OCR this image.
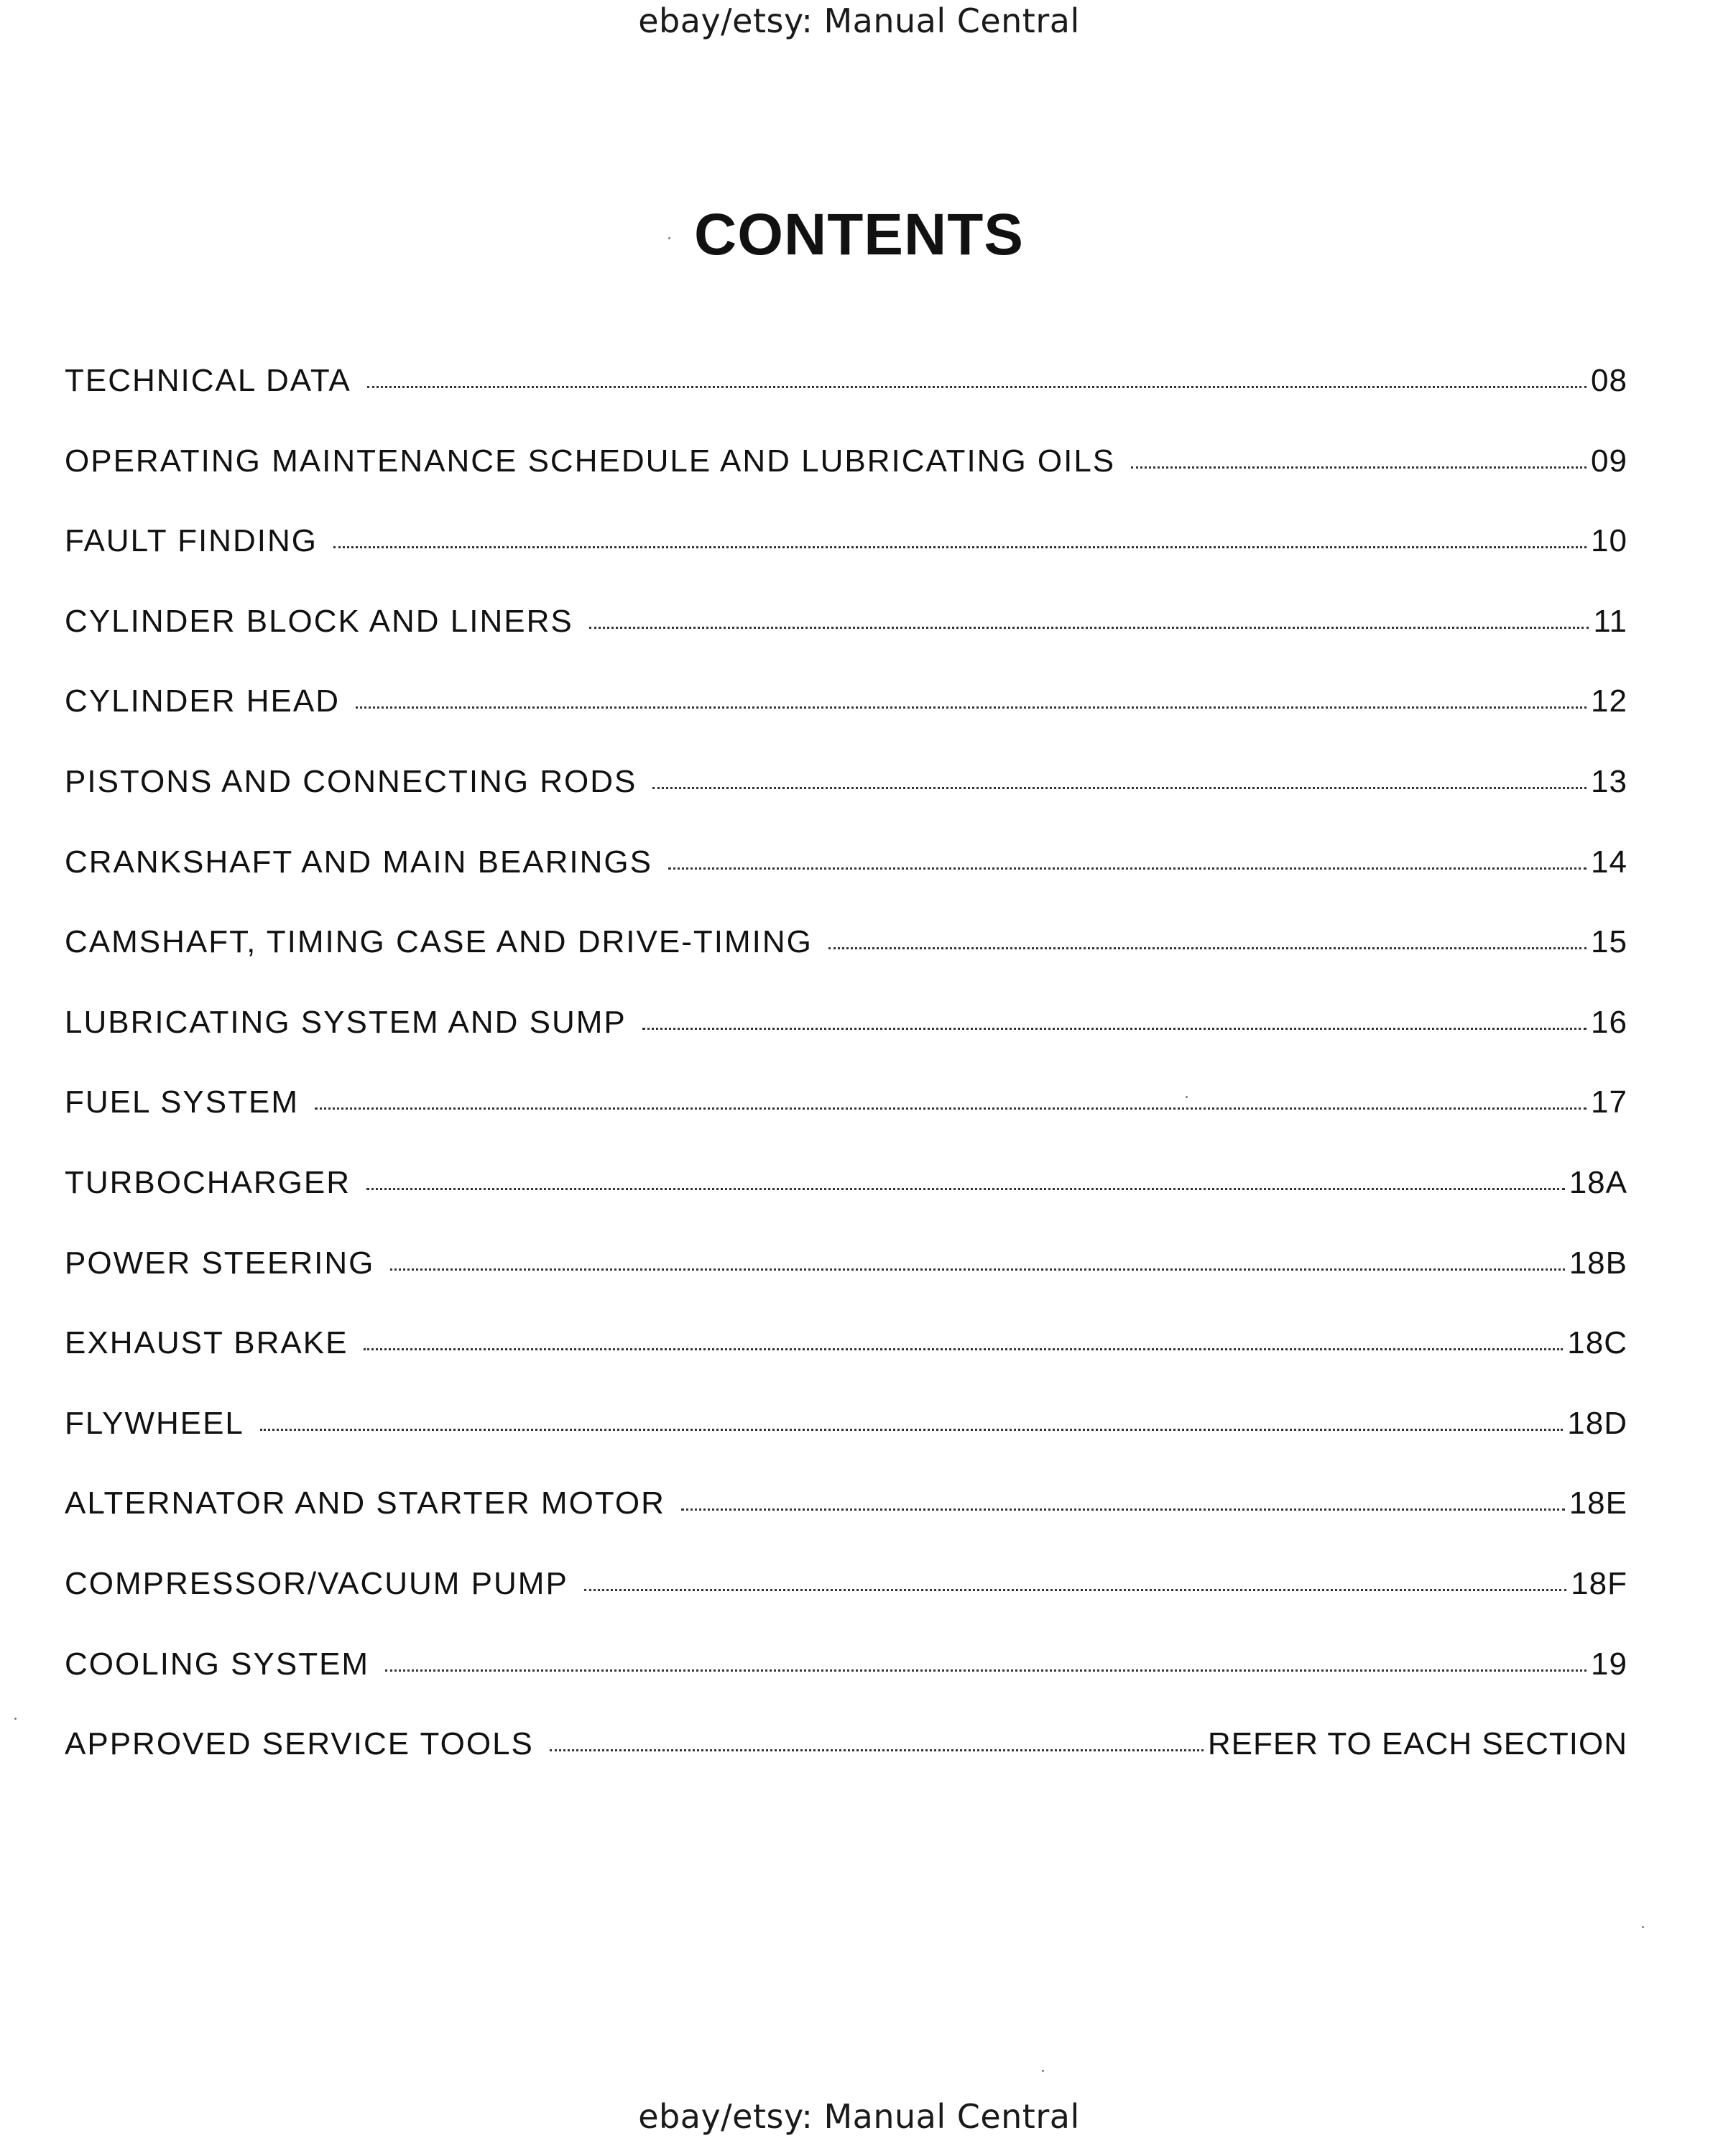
ebay/etsy: Manual Central
CONTENTS
TECHNICAL DATA	08
OPERATING MAINTENANCE SCHEDULE AND LUBRICATING OILS	09
FAULT FINDING	10
CYLINDER BLOCK AND LINERS	11
CYLINDER HEAD	12
PISTONS AND CONNECTING RODS	13
CRANKSHAFT AND MAIN BEARINGS	14
CAMSHAFT, TIMING CASE AND DRIVE-TIMING	15
LUBRICATING SYSTEM AND SUMP	16
FUEL SYSTEM	17
TURBOCHARGER	18A
POWER STEERING	18B
EXHAUST BRAKE	18C
FLYWHEEL	18D
ALTERNATOR AND STARTER MOTOR	18E
COMPRESSOR/VACUUM PUMP	18F
COOLING SYSTEM	19
APPROVED SERVICE TOOLS	REFER TO EACH SECTION
ebay/etsy: Manual Central
